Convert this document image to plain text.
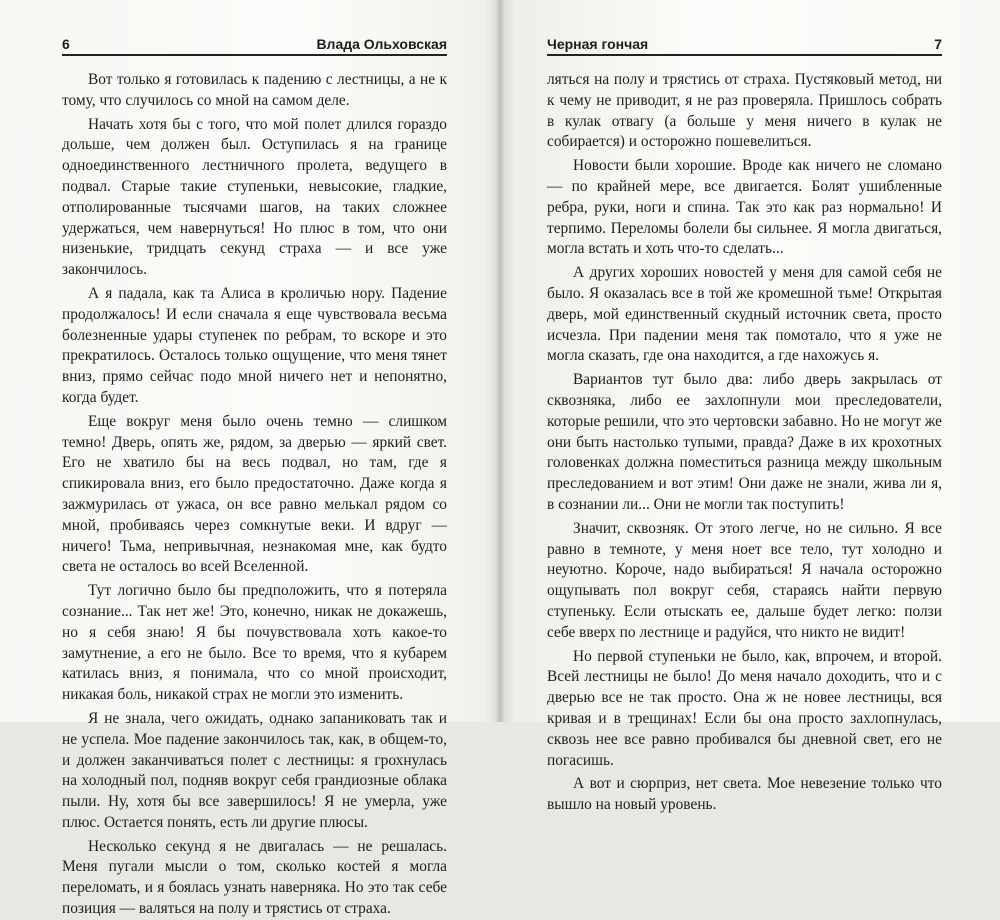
6	Влада Ольховская

Вот только я готовилась к падению с лестницы, а не к тому, что случилось со мной на самом деле.

Начать хотя бы с того, что мой полет длился гораздо дольше, чем должен был. Оступилась я на границе одноединственного лестничного пролета, ведущего в подвал. Старые такие ступеньки, невысокие, гладкие, отполированные тысячами шагов, на таких сложнее удержаться, чем навернуться! Но плюс в том, что они низенькие, тридцать секунд страха — и все уже закончилось.

А я падала, как та Алиса в кроличью нору. Падение продолжалось! И если сначала я еще чувствовала весьма болезненные удары ступенек по ребрам, то вскоре и это прекратилось. Осталось только ощущение, что меня тянет вниз, прямо сейчас подо мной ничего нет и непонятно, когда будет.

Еще вокруг меня было очень темно — слишком темно! Дверь, опять же, рядом, за дверью — яркий свет. Его не хватило бы на весь подвал, но там, где я спикировала вниз, его было предостаточно. Даже когда я зажмурилась от ужаса, он все равно мелькал рядом со мной, пробиваясь через сомкнутые веки. И вдруг — ничего! Тьма, непривычная, незнакомая мне, как будто света не осталось во всей Вселенной.

Тут логично было бы предположить, что я потеряла сознание... Так нет же! Это, конечно, никак не докажешь, но я себя знаю! Я бы почувствовала хоть какое-то замутнение, а его не было. Все то время, что я кубарем катилась вниз, я понимала, что со мной происходит, никакая боль, никакой страх не могли это изменить.

Я не знала, чего ожидать, однако запаниковать так и не успела. Мое падение закончилось так, как, в общем-то, и должен заканчиваться полет с лестницы: я грохнулась на холодный пол, подняв вокруг себя грандиозные облака пыли. Ну, хотя бы все завершилось! Я не умерла, уже плюс. Остается понять, есть ли другие плюсы.

Несколько секунд я не двигалась — не решалась. Меня пугали мысли о том, сколько костей я могла переломать, и я боялась узнать наверняка. Но это так себе позиция — валяться на полу и трястись от страха.

Черная гончая	7

ляться на полу и трястись от страха. Пустяковый метод, ни к чему не приводит, я не раз проверяла. Пришлось собрать в кулак отвагу (а больше у меня ничего в кулак не собирается) и осторожно пошевелиться.

Новости были хорошие. Вроде как ничего не сломано — по крайней мере, все двигается. Болят ушибленные ребра, руки, ноги и спина. Так это как раз нормально! И терпимо. Переломы болели бы сильнее. Я могла двигаться, могла встать и хоть что-то сделать...

А других хороших новостей у меня для самой себя не было. Я оказалась все в той же кромешной тьме! Открытая дверь, мой единственный скудный источник света, просто исчезла. При падении меня так помотало, что я уже не могла сказать, где она находится, а где нахожусь я.

Вариантов тут было два: либо дверь закрылась от сквозняка, либо ее захлопнули мои преследователи, которые решили, что это чертовски забавно. Но не могут же они быть настолько тупыми, правда? Даже в их крохотных головенках должна поместиться разница между школьным преследованием и вот этим! Они даже не знали, жива ли я, в сознании ли... Они не могли так поступить!

Значит, сквозняк. От этого легче, но не сильно. Я все равно в темноте, у меня ноет все тело, тут холодно и неуютно. Короче, надо выбираться! Я начала осторожно ощупывать пол вокруг себя, стараясь найти первую ступеньку. Если отыскать ее, дальше будет легко: ползи себе вверх по лестнице и радуйся, что никто не видит!

Но первой ступеньки не было, как, впрочем, и второй. Всей лестницы не было! До меня начало доходить, что и с дверью все не так просто. Она ж не новее лестницы, вся кривая и в трещинах! Если бы она просто захлопнулась, сквозь нее все равно пробивался бы дневной свет, его не погасишь.

А вот и сюрприз, нет света. Мое невезение только что вышло на новый уровень.
